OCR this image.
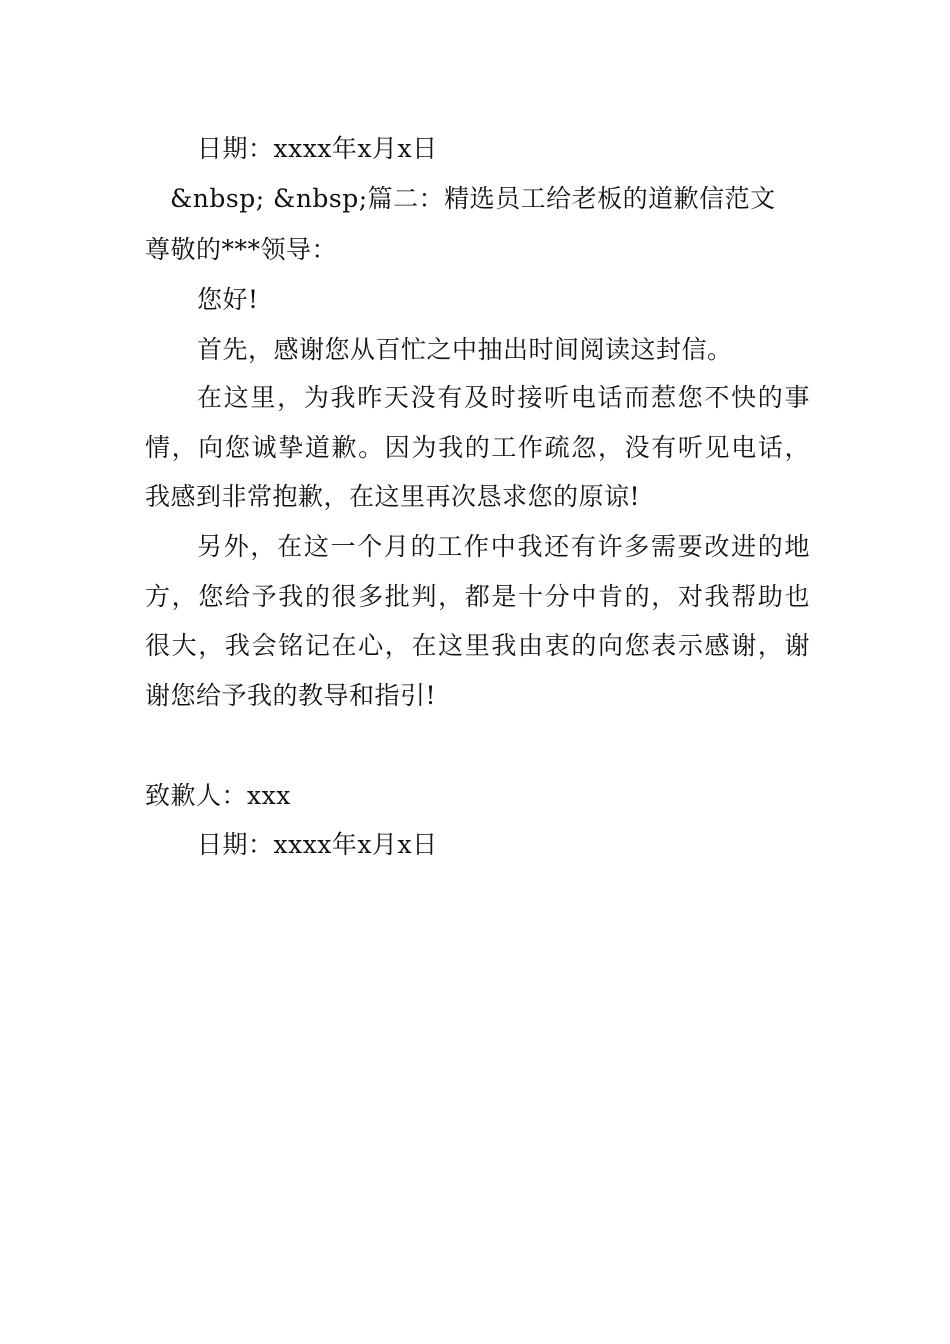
日期：xxxx年x月x日
&nbsp; &nbsp;篇二：精选员工给老板的道歉信范文
尊敬的***领导：
您好!
首先，感谢您从百忙之中抽出时间阅读这封信。
在这里，为我昨天没有及时接听电话而惹您不快的事
情，向您诚挚道歉。因为我的工作疏忽，没有听见电话，
我感到非常抱歉，在这里再次恳求您的原谅!
另外，在这一个月的工作中我还有许多需要改进的地
方，您给予我的很多批判，都是十分中肯的，对我帮助也
很大，我会铭记在心，在这里我由衷的向您表示感谢，谢
谢您给予我的教导和指引!
致歉人：xxx
日期：xxxx年x月x日
